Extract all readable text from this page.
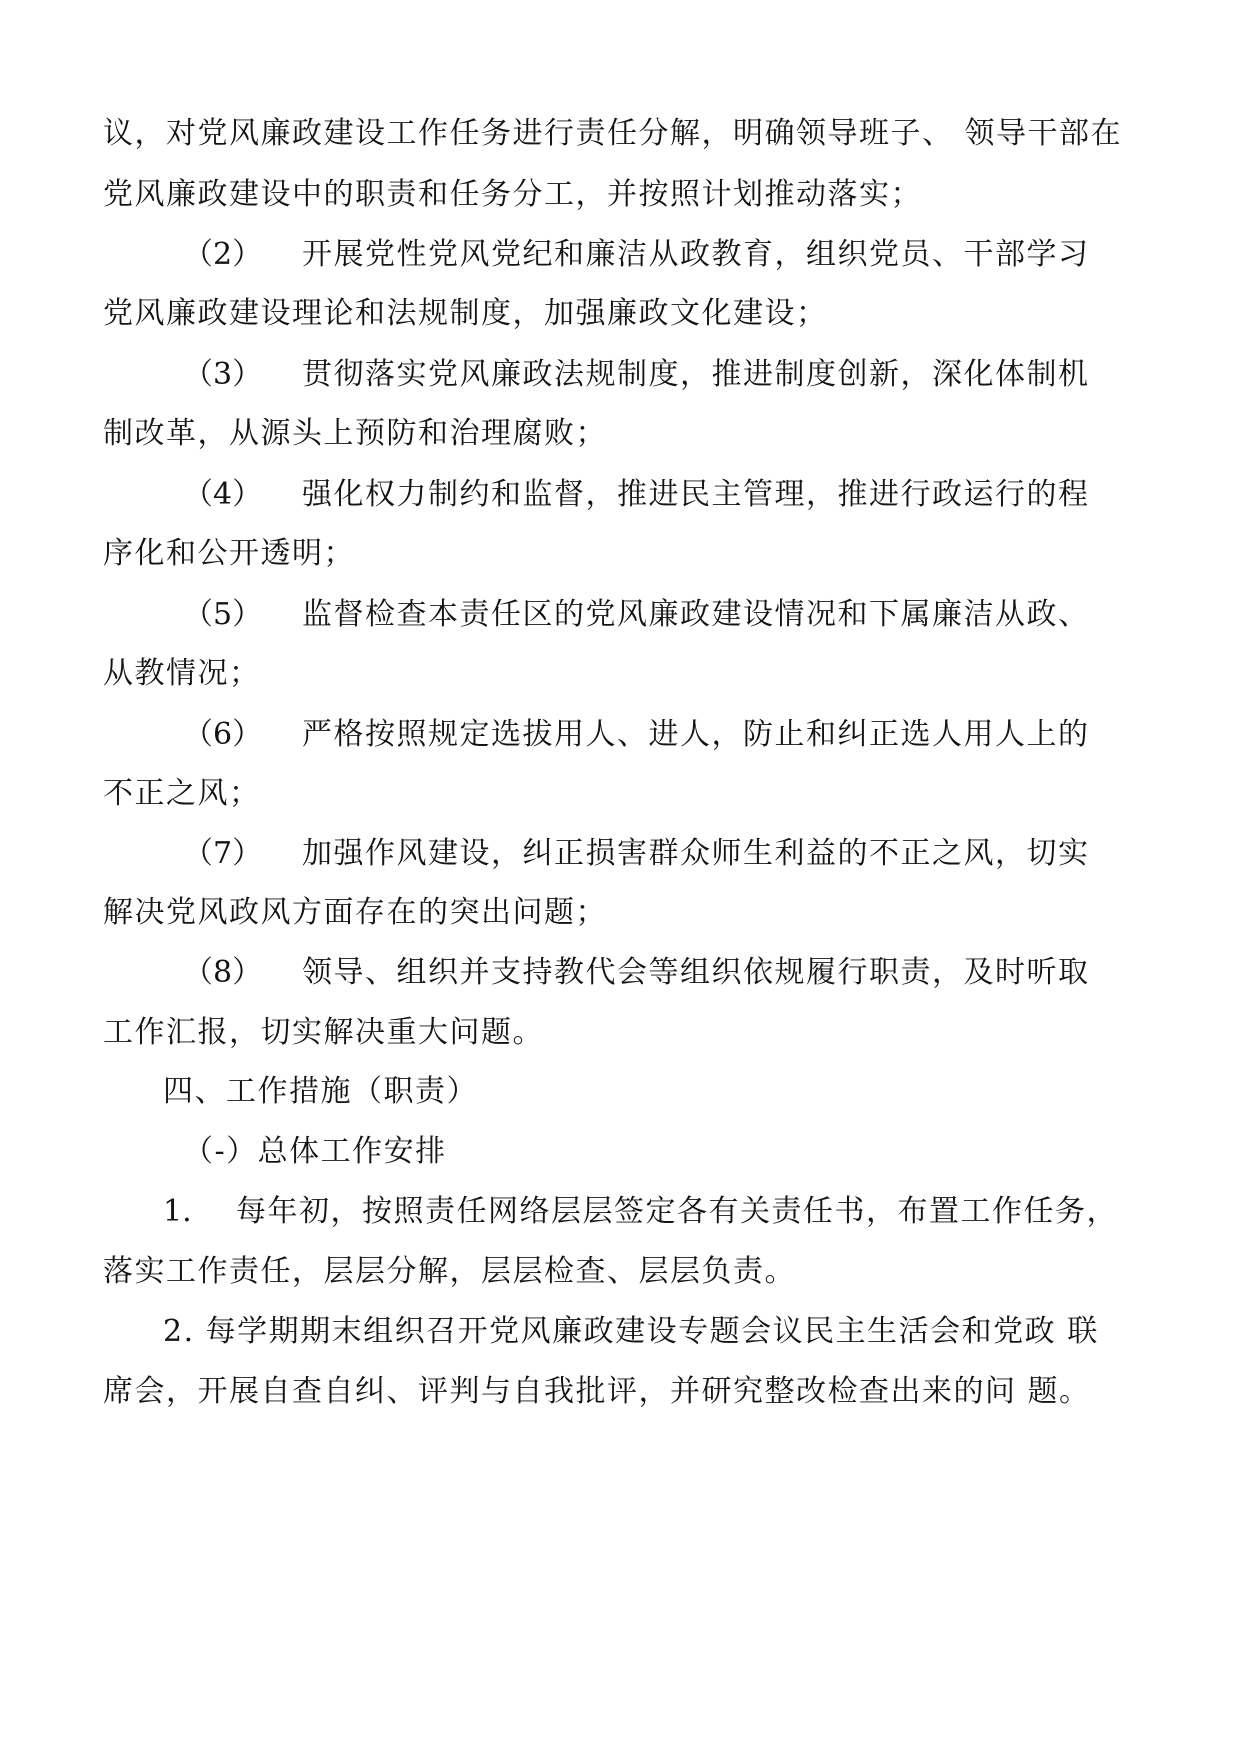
议，对党风廉政建设工作任务进行责任分解，明确领导班子、 领导干部在
党风廉政建设中的职责和任务分工，并按照计划推动落实；
（2） 开展党性党风党纪和廉洁从政教育，组织党员、干部学习
党风廉政建设理论和法规制度，加强廉政文化建设；
（3） 贯彻落实党风廉政法规制度，推进制度创新，深化体制机
制改革，从源头上预防和治理腐败；
（4） 强化权力制约和监督，推进民主管理，推进行政运行的程
序化和公开透明；
（5） 监督检查本责任区的党风廉政建设情况和下属廉洁从政、
从教情况；
（6） 严格按照规定选拔用人、进人，防止和纠正选人用人上的
不正之风；
（7） 加强作风建设，纠正损害群众师生利益的不正之风，切实
解决党风政风方面存在的突出问题；
（8） 领导、组织并支持教代会等组织依规履行职责，及时听取
工作汇报，切实解决重大问题。
四、工作措施（职责）
（-）总体工作安排
1. 每年初，按照责任网络层层签定各有关责任书，布置工作任务，
落实工作责任，层层分解，层层检查、层层负责。
2. 每学期期末组织召开党风廉政建设专题会议民主生活会和党政 联
席会，开展自查自纠、评判与自我批评，并研究整改检查出来的问 题。
